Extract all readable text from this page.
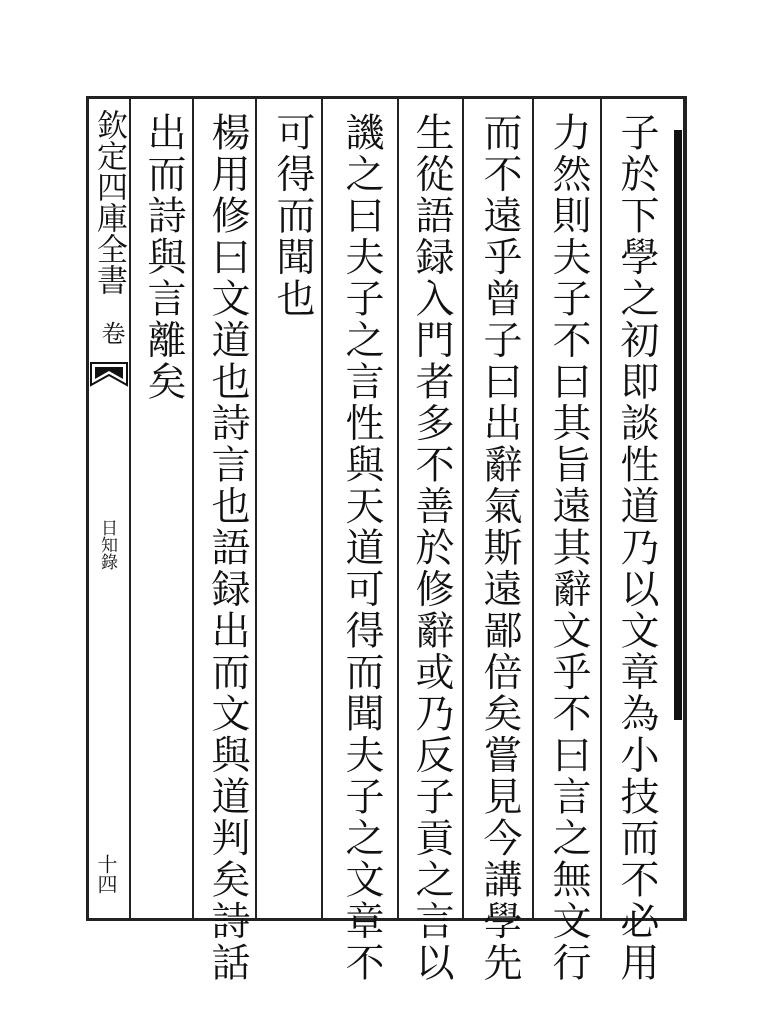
欽定四庫全書
卷
日知錄
十四	子於下學之初即談性道乃以文章為小技而不必用
力然則夫子不曰其旨遠其辭文乎不曰言之無文行
而不遠乎曾子曰出辭氣斯遠鄙倍矣嘗見今講學先
生從語録入門者多不善於修辭或乃反子貢之言以
譏之曰夫子之言性與天道可得而聞夫子之文章不
可得而聞也
楊用修曰文道也詩言也語録出而文與道判矣詩話
出而詩與言離矣
